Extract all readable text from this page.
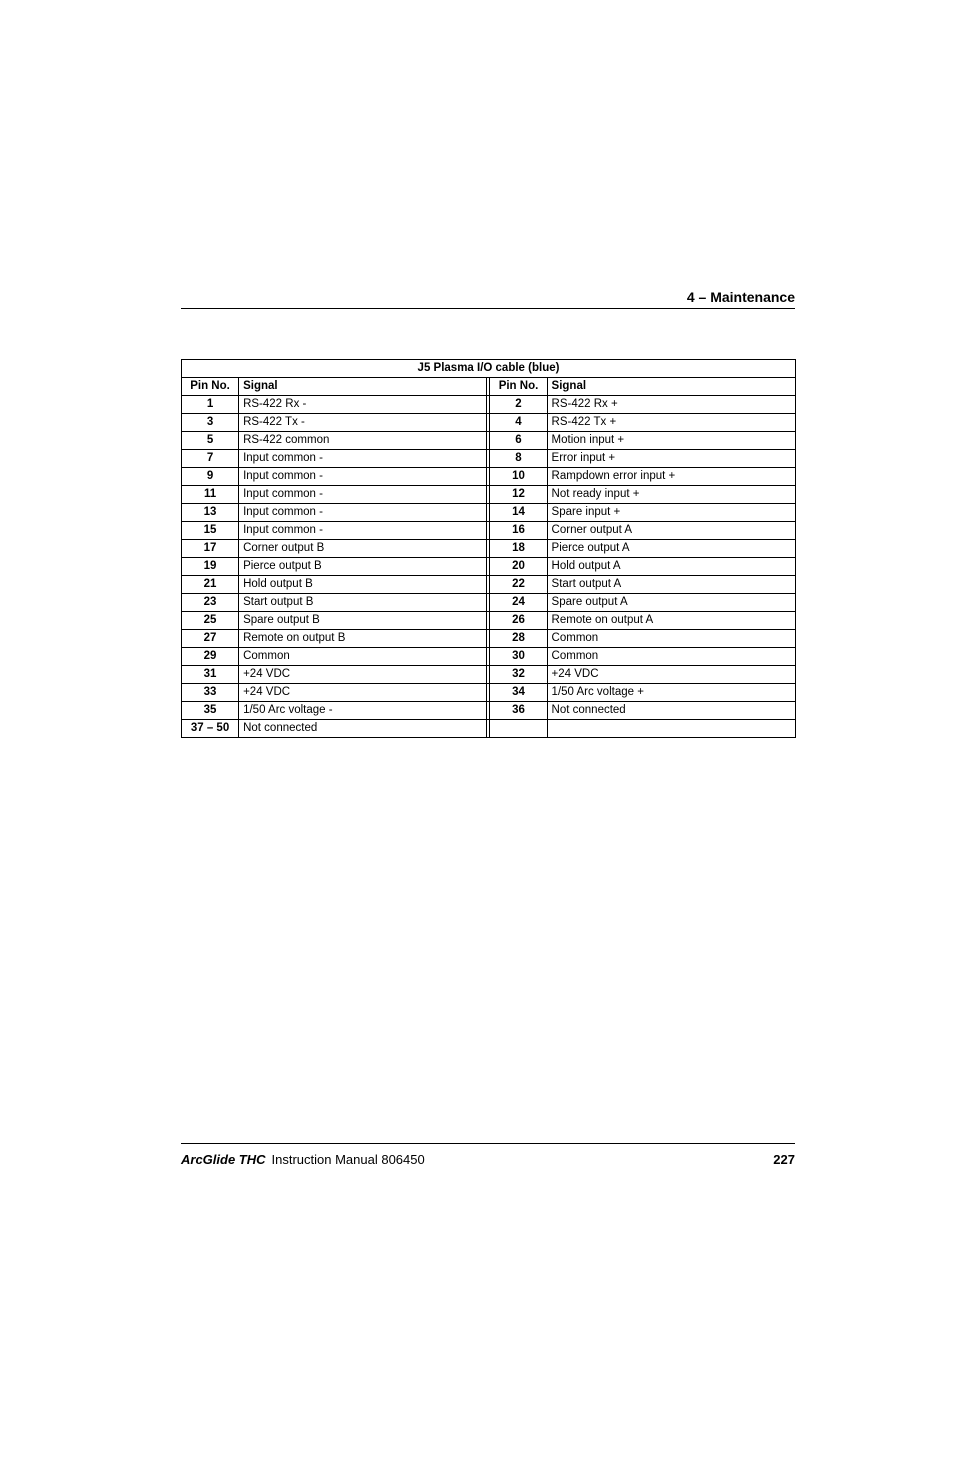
4 – Maintenance
J5 Plasma I/O cable (blue)				
Pin No.	Signal		Pin No.	Signal
1	RS-422 Rx -		2	RS-422 Rx +
3	RS-422 Tx -		4	RS-422 Tx +
5	RS-422 common		6	Motion input +
7	Input common -		8	Error input +
9	Input common -		10	Rampdown error input +
11	Input common -		12	Not ready input +
13	Input common -		14	Spare input +
15	Input common -		16	Corner output A
17	Corner output B		18	Pierce output A
19	Pierce output B		20	Hold output A
21	Hold output B		22	Start output A
23	Start output B		24	Spare output A
25	Spare output B		26	Remote on output A
27	Remote on output B		28	Common
29	Common		30	Common
31	+24 VDC		32	+24 VDC
33	+24 VDC		34	1/50 Arc voltage +
35	1/50 Arc voltage -		36	Not connected
37 – 50	Not connected			
ArcGlide THC Instruction Manual 806450	227
